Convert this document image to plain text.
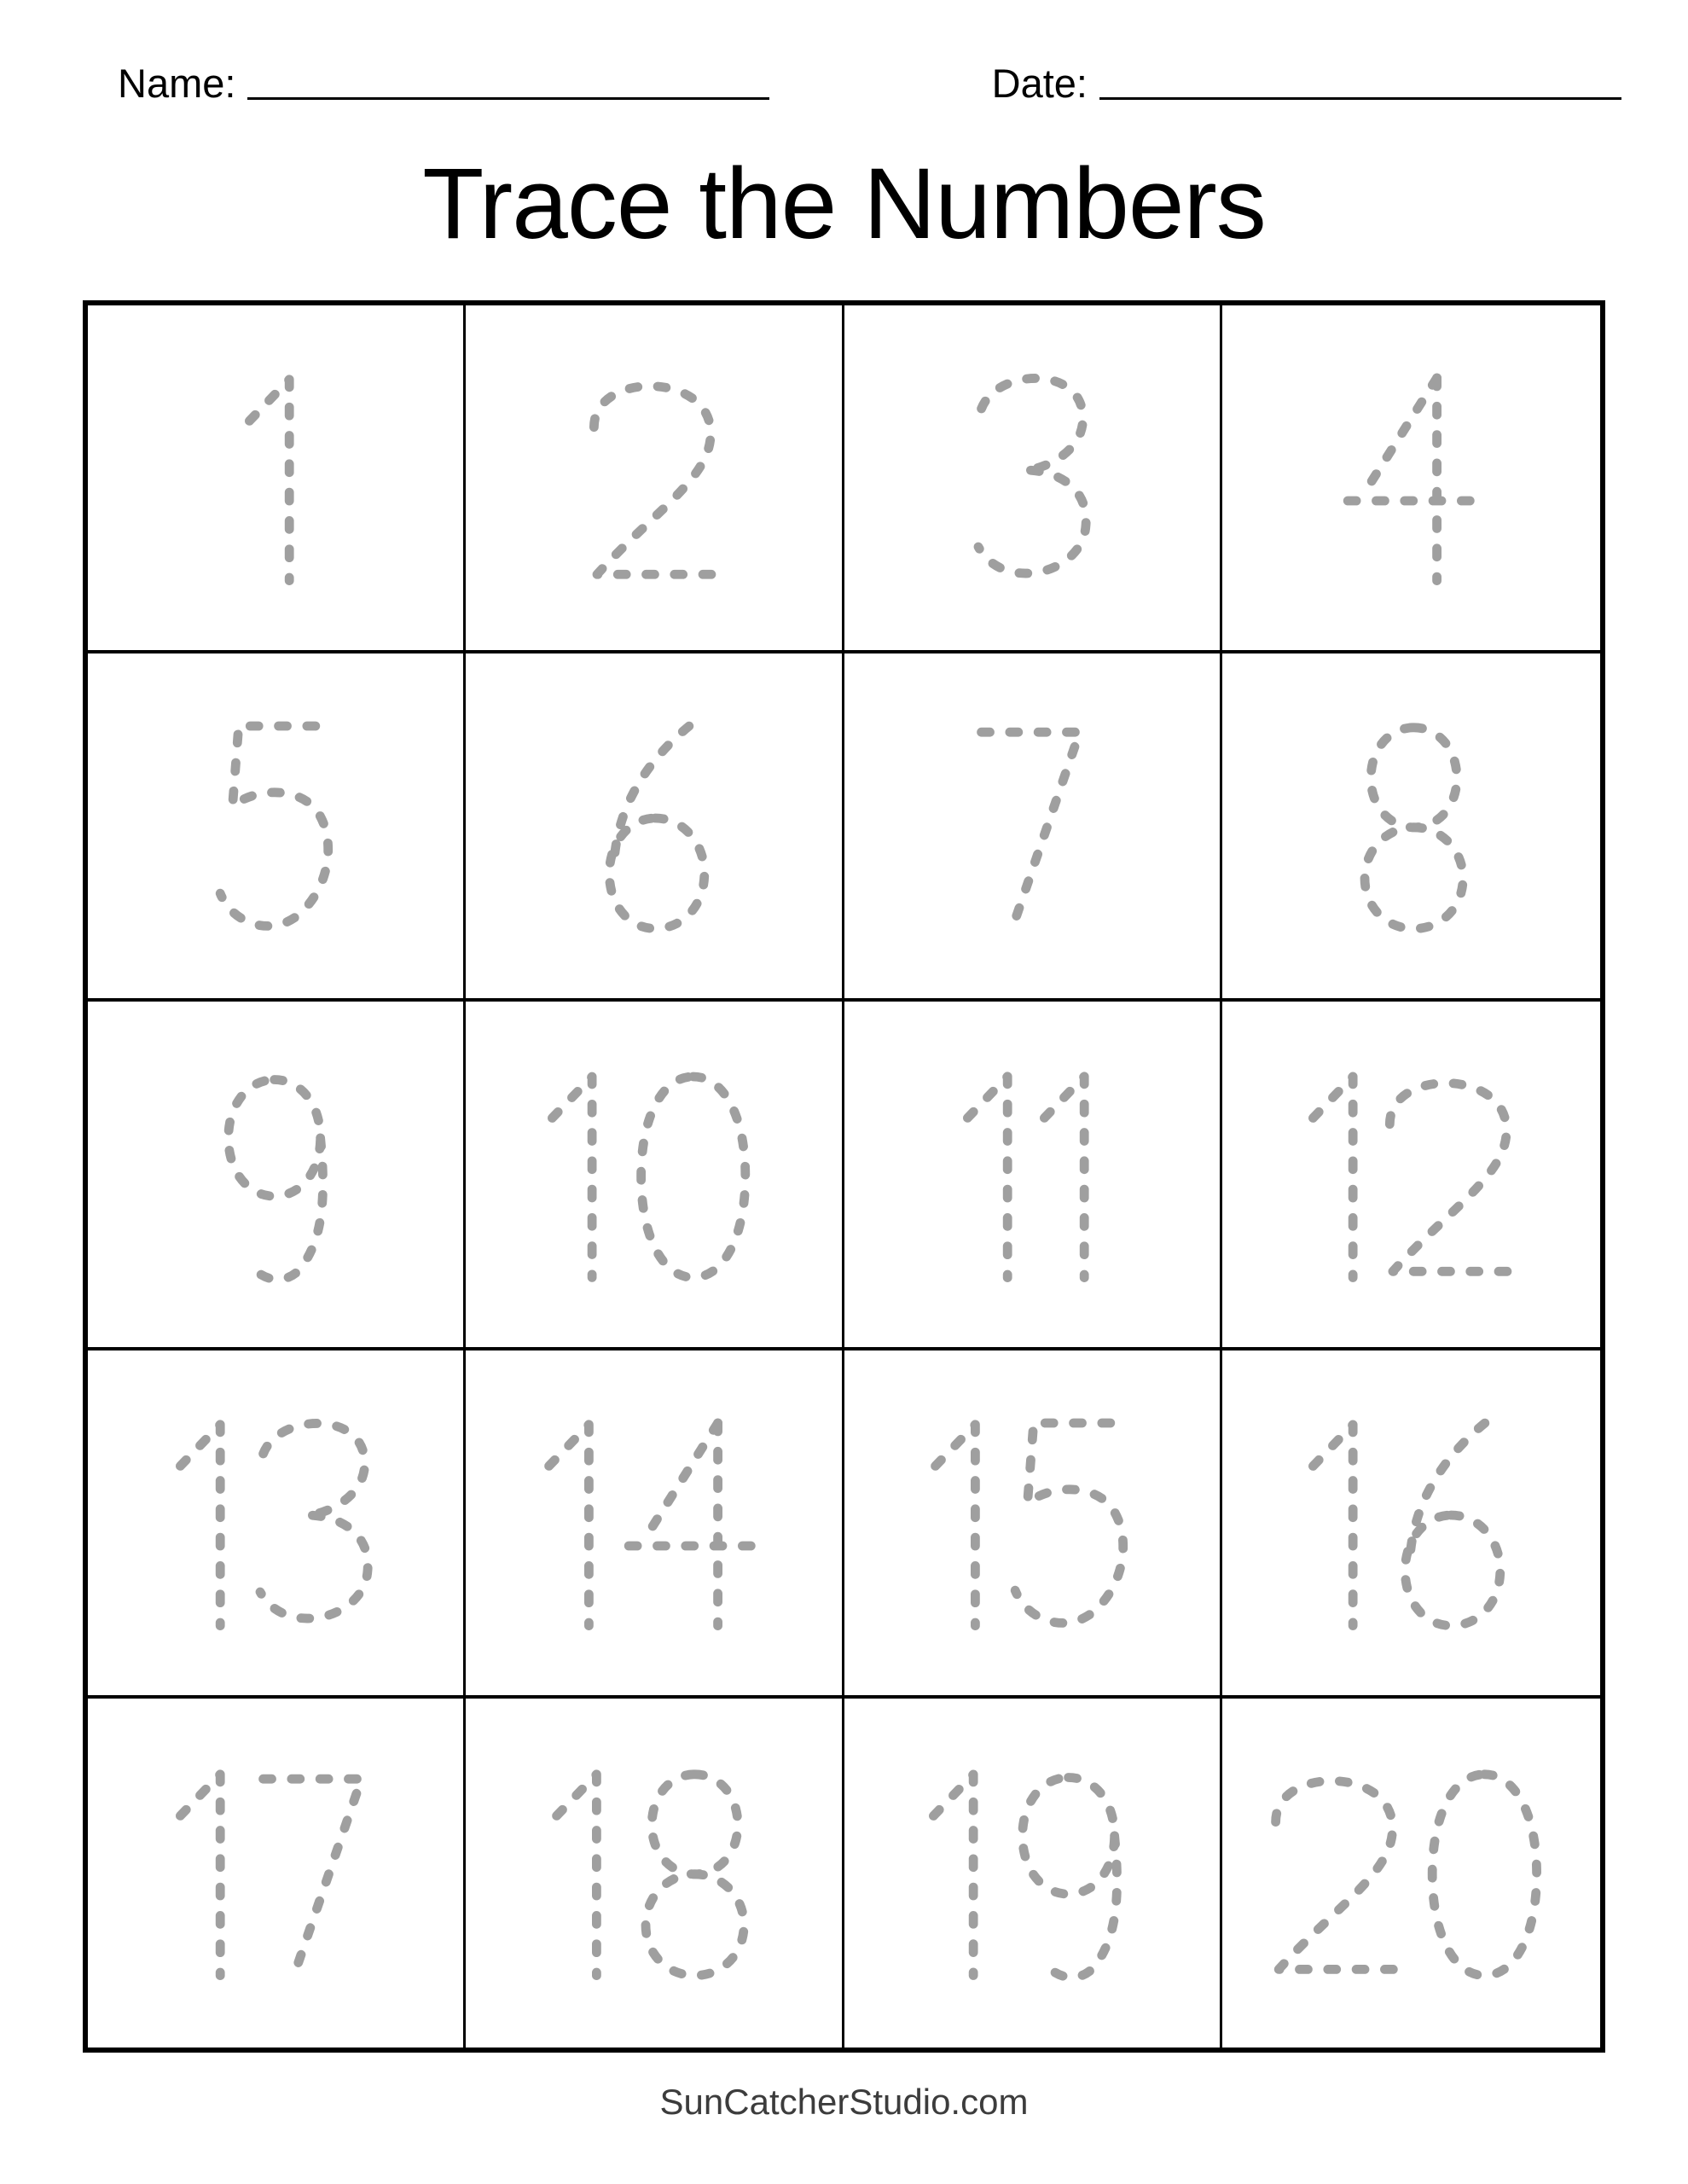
Name:	Date:
Trace the Numbers
SunCatcherStudio.com
